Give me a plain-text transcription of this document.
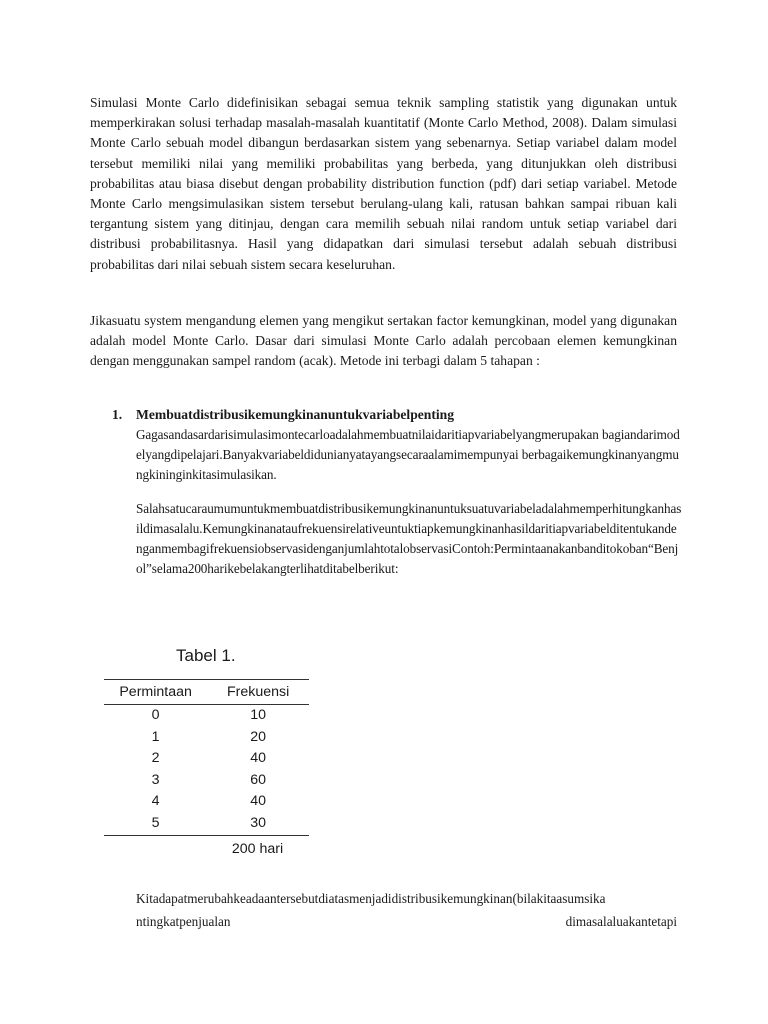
Simulasi Monte Carlo didefinisikan sebagai semua teknik sampling statistik yang digunakan untuk memperkirakan solusi terhadap masalah-masalah kuantitatif (Monte Carlo Method, 2008). Dalam simulasi Monte Carlo sebuah model dibangun berdasarkan sistem yang sebenarnya. Setiap variabel dalam model tersebut memiliki nilai yang memiliki probabilitas yang berbeda, yang ditunjukkan oleh distribusi probabilitas atau biasa disebut dengan probability distribution function (pdf) dari setiap variabel. Metode Monte Carlo mengsimulasikan sistem tersebut berulang-ulang kali, ratusan bahkan sampai ribuan kali tergantung sistem yang ditinjau, dengan cara memilih sebuah nilai random untuk setiap variabel dari distribusi probabilitasnya. Hasil yang didapatkan dari simulasi tersebut adalah sebuah distribusi probabilitas dari nilai sebuah sistem secara keseluruhan.

Jikasuatu system mengandung elemen yang mengikut sertakan factor kemungkinan, model yang digunakan adalah model Monte Carlo. Dasar dari simulasi Monte Carlo adalah percobaan elemen kemungkinan dengan menggunakan sampel random (acak). Metode ini terbagi dalam 5 tahapan :

1. Membuatdistribusikemungkinanuntukvariabelpenting

Gagasandasardarisimulasimontecarloadalahmembuatnilaidaritiapvariabelyangmerupakan bagiandarimodelyangdipelajari.Banyakvariabeldidunianyatayangsecaraalamimempunyai berbagaikemungkinanyangmungkininginkitasimulasikan.

Salahsatucaraumumuntukmembuatdistribusikemungkinanuntuksuatuvariabeladalahmemperhitungkanhasildimasalalu.KemungkinanataufrekuensirelativeuntuktiapkemungkinanhasildaritiapvariabelditentukandenganmembagifrekuensiobservasidenganjumlahtotalobservasiContoh:Permintaanakanbanditokoban“Benjol”selama200harikebelakangterlihatditabelberikut:

Tabel 1.

Permintaan	Frekuensi
0	10
1	20
2	40
3	60
4	40
5	30

200 hari

Kitadapatmerubahkeadaantersebutdiatasmenjadidistribusikemungkinan(bilakitaasumsika
ntingkatpenjualan	dimasalaluakantetapi
